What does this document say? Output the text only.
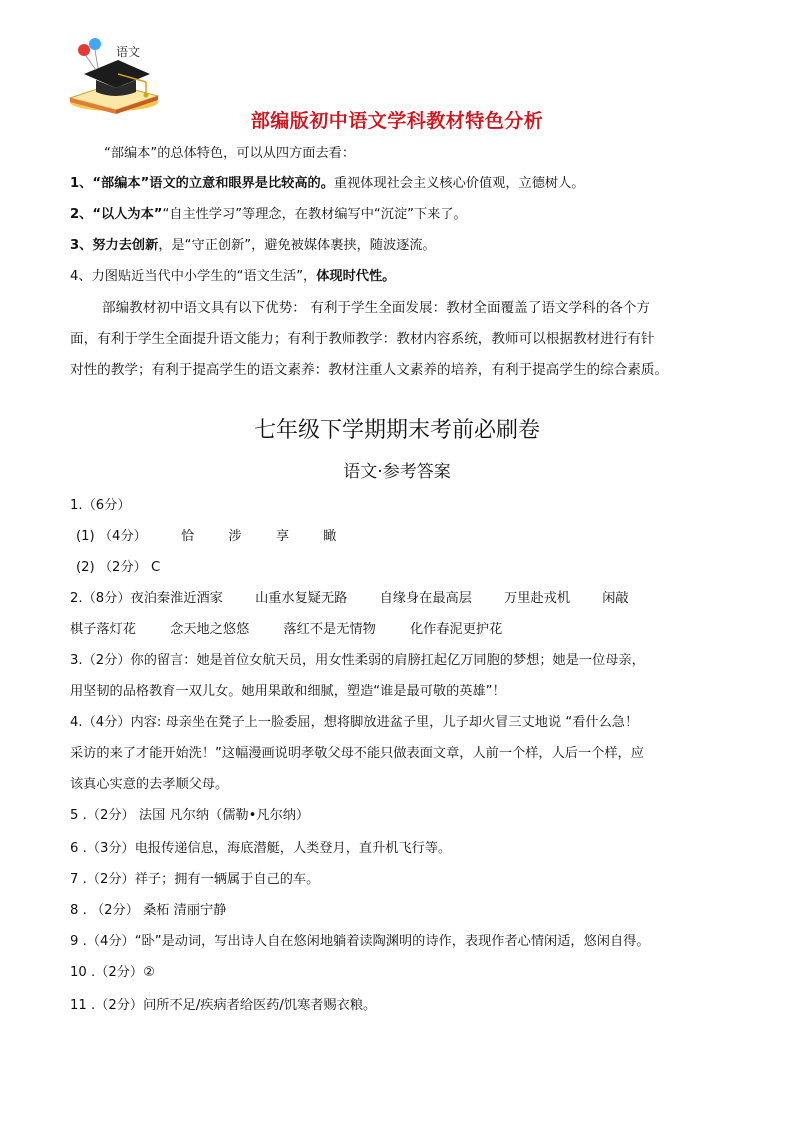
语文
部编版初中语文学科教材特色分析
“部编本”的总体特色，可以从四方面去看：
1、“部编本”语文的立意和眼界是比较高的。重视体现社会主义核心价值观，立德树人。
2、“以人为本”“自主性学习”等理念，在教材编写中“沉淀”下来了。
3、努力去创新，是“守正创新”，避免被媒体裹挟，随波逐流。
4、力图贴近当代中小学生的“语文生活”，体现时代性。
部编教材初中语文具有以下优势： 有利于学生全面发展：教材全面覆盖了语文学科的各个方
面，有利于学生全面提升语文能力；有利于教师教学：教材内容系统，教师可以根据教材进行有针
对性的教学；有利于提高学生的语文素养：教材注重人文素养的培养，有利于提高学生的综合素质。
七年级下学期期末考前必刷卷
语文·参考答案
1.（6分）
(1) （4分）	恰	涉	享	瞰
(2) （2分） C
2.（8分）夜泊秦淮近酒家 山重水复疑无路 自缘身在最高层 万里赴戎机 闲敲
棋子落灯花	念天地之悠悠	落红不是无情物	化作春泥更护花
3.（2分）你的留言：她是首位女航天员，用女性柔弱的肩膀扛起亿万同胞的梦想；她是一位母亲，
用坚韧的品格教育一双儿女。她用果敢和细腻，塑造“谁是最可敬的英雄”！
4.（4分）内容: 母亲坐在凳子上一脸委屈，想将脚放进盆子里，儿子却火冒三丈地说 “看什么急！
采访的来了才能开始洗！”这幅漫画说明孝敬父母不能只做表面文章，人前一个样，人后一个样，应
该真心实意的去孝顺父母。
5 .（2分） 法国 凡尔纳（儒勒•凡尔纳）
6 .（3分）电报传递信息，海底潜艇，人类登月，直升机飞行等。
7 .（2分）祥子；拥有一辆属于自己的车。
8 . （2分） 桑柘 清丽宁静
9 .（4分）“卧”是动词，写出诗人自在悠闲地躺着读陶渊明的诗作，表现作者心情闲适，悠闲自得。
10 .（2分）②
11 .（2分）问所不足/疾病者给医药/饥寒者赐衣粮。
